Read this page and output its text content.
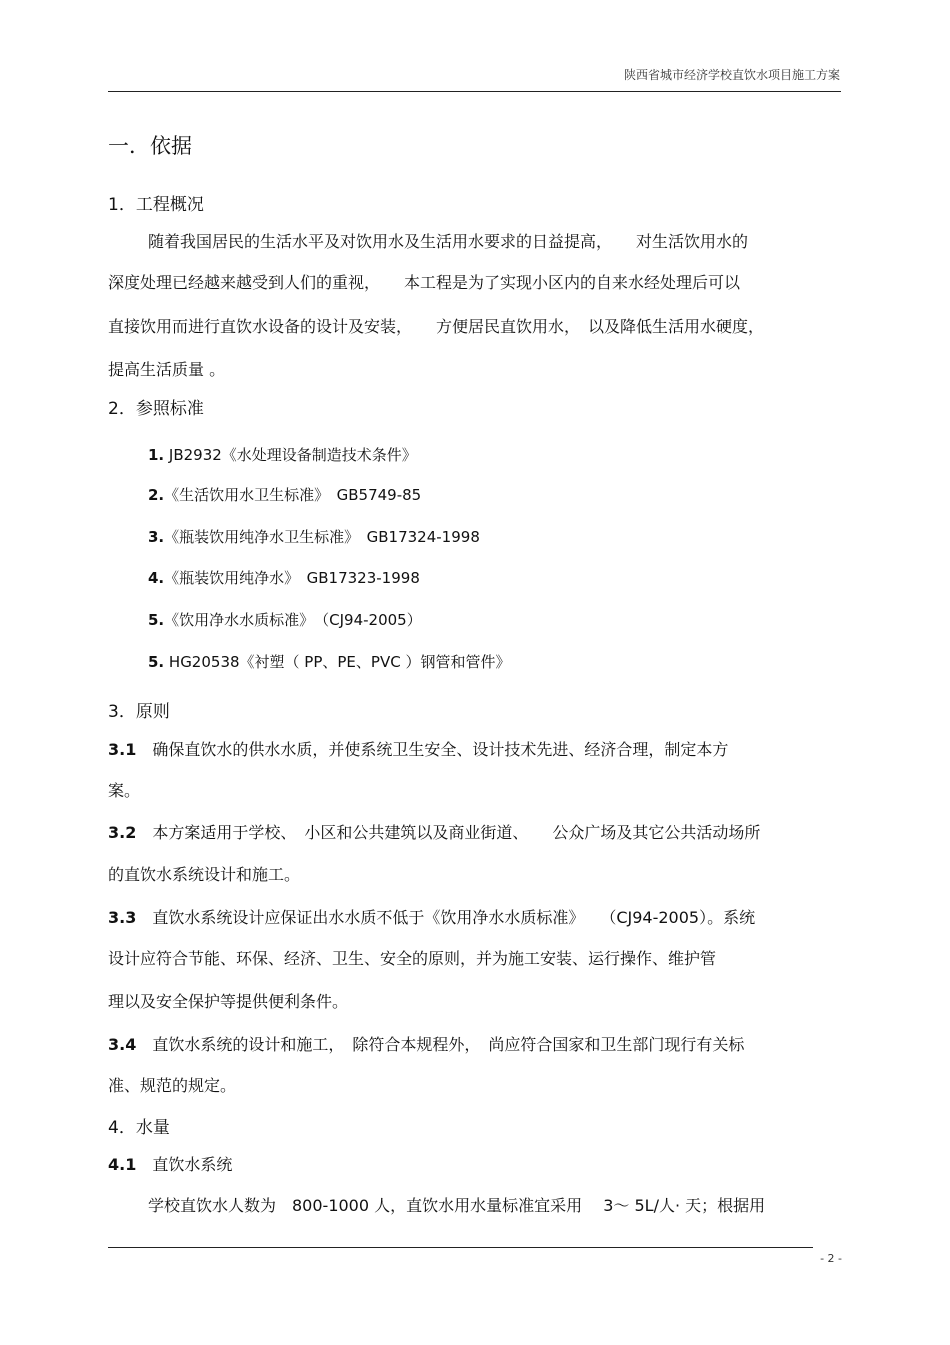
陕西省城市经济学校直饮水项目施工方案
一．依据
1．工程概况
随着我国居民的生活水平及对饮用水及生活用水要求的日益提高，　　对生活饮用水的
深度处理已经越来越受到人们的重视，　　本工程是为了实现小区内的自来水经处理后可以
直接饮用而进行直饮水设备的设计及安装，　　方便居民直饮用水，　以及降低生活用水硬度，
提高生活质量 。
2．参照标准
1. JB2932《水处理设备制造技术条件》
2.《生活饮用水卫生标准》　GB5749-85
3.《瓶装饮用纯净水卫生标准》　GB17324-1998
4.《瓶装饮用纯净水》　GB17323-1998
5.《饮用净水水质标准》　（CJ94-2005）
5. HG20538《衬塑（ PP、PE、PVC ）钢管和管件》
3．原则
3.1　确保直饮水的供水水质，并使系统卫生安全、设计技术先进、经济合理，制定本方
案。
3.2　本方案适用于学校、　小区和公共建筑以及商业街道、　　公众广场及其它公共活动场所
的直饮水系统设计和施工。
3.3　直饮水系统设计应保证出水水质不低于《饮用净水水质标准》　　（CJ94-2005）。系统
设计应符合节能、环保、经济、卫生、安全的原则，并为施工安装、运行操作、维护管
理以及安全保护等提供便利条件。
3.4　直饮水系统的设计和施工，　除符合本规程外，　尚应符合国家和卫生部门现行有关标
准、规范的规定。
4．水量
4.1　直饮水系统
学校直饮水人数为　800-1000 人，直饮水用水量标准宜采用　 3～ 5L/人· 天；根据用
- 2 -
